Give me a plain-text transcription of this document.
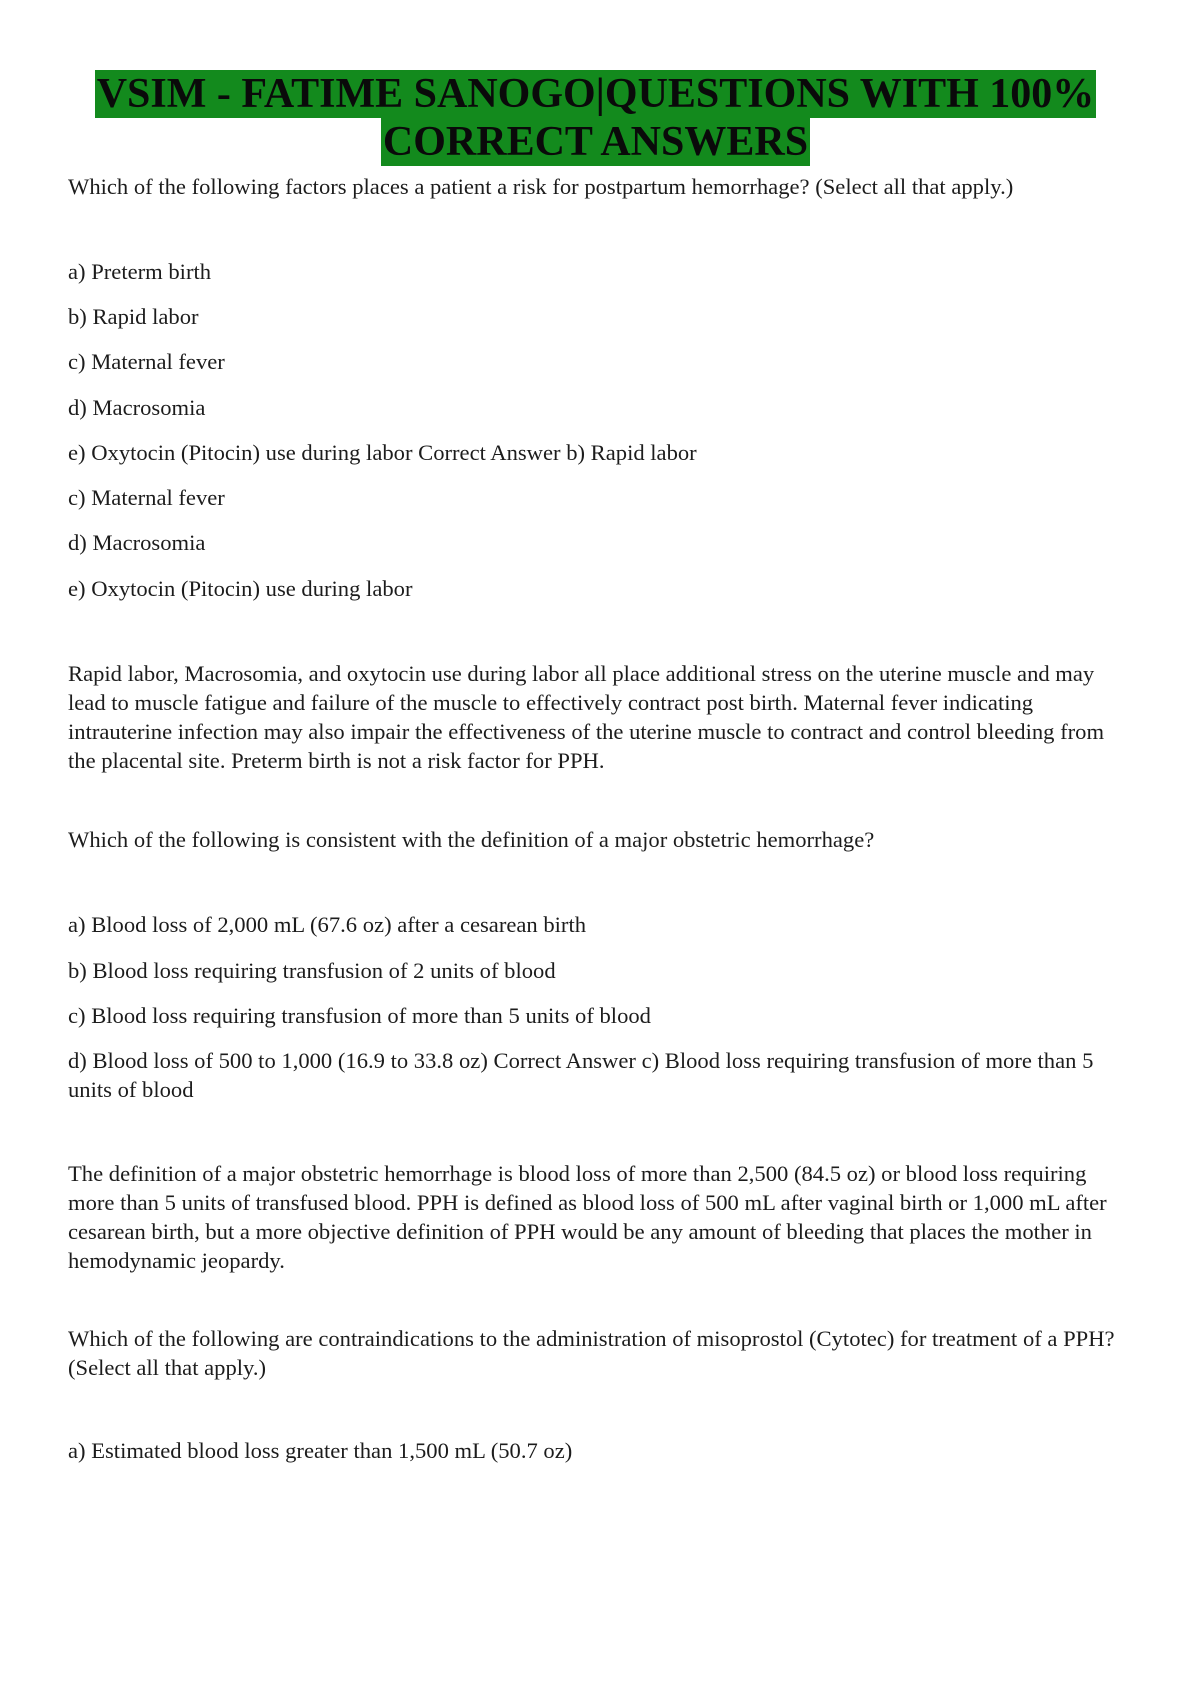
VSIM - FATIME SANOGO|QUESTIONS WITH 100%
CORRECT ANSWERS
Which of the following factors places a patient a risk for postpartum hemorrhage? (Select all that apply.)
a) Preterm birth
b) Rapid labor
c) Maternal fever
d) Macrosomia
e) Oxytocin (Pitocin) use during labor Correct Answer b) Rapid labor
c) Maternal fever
d) Macrosomia
e) Oxytocin (Pitocin) use during labor
Rapid labor, Macrosomia, and oxytocin use during labor all place additional stress on the uterine muscle and may lead to muscle fatigue and failure of the muscle to effectively contract post birth. Maternal fever indicating intrauterine infection may also impair the effectiveness of the uterine muscle to contract and control bleeding from the placental site. Preterm birth is not a risk factor for PPH.
Which of the following is consistent with the definition of a major obstetric hemorrhage?
a) Blood loss of 2,000 mL (67.6 oz) after a cesarean birth
b) Blood loss requiring transfusion of 2 units of blood
c) Blood loss requiring transfusion of more than 5 units of blood
d) Blood loss of 500 to 1,000 (16.9 to 33.8 oz) Correct Answer c) Blood loss requiring transfusion of more than 5 units of blood
The definition of a major obstetric hemorrhage is blood loss of more than 2,500 (84.5 oz) or blood loss requiring more than 5 units of transfused blood. PPH is defined as blood loss of 500 mL after vaginal birth or 1,000 mL after cesarean birth, but a more objective definition of PPH would be any amount of bleeding that places the mother in hemodynamic jeopardy.
Which of the following are contraindications to the administration of misoprostol (Cytotec) for treatment of a PPH? (Select all that apply.)
a) Estimated blood loss greater than 1,500 mL (50.7 oz)
